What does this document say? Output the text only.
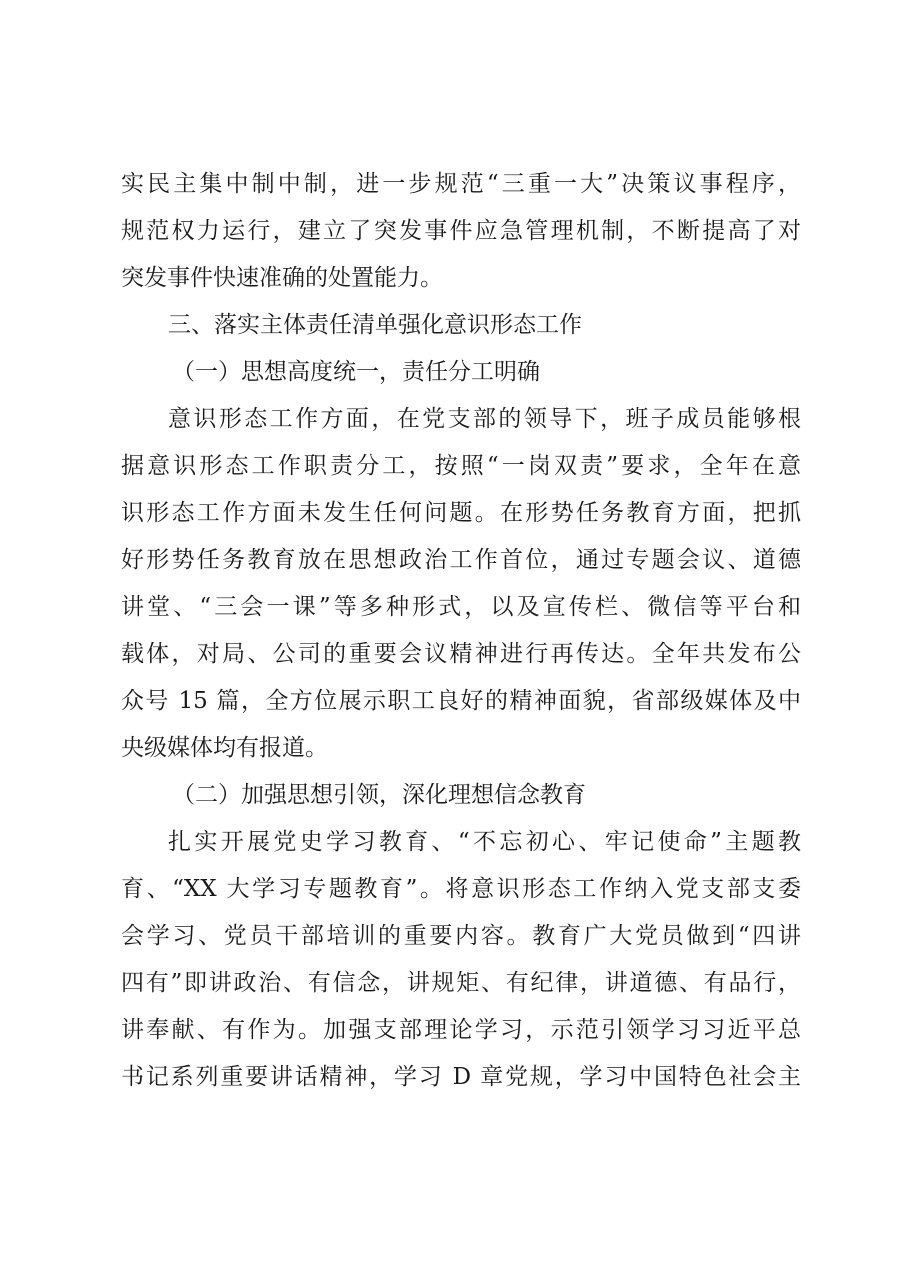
实民主集中制中制，进一步规范“三重一大”决策议事程序，
规范权力运行，建立了突发事件应急管理机制，不断提高了对
突发事件快速准确的处置能力。
三、落实主体责任清单强化意识形态工作
（一）思想高度统一，责任分工明确
意识形态工作方面，在党支部的领导下，班子成员能够根
据意识形态工作职责分工，按照“一岗双责”要求，全年在意
识形态工作方面未发生任何问题。在形势任务教育方面，把抓
好形势任务教育放在思想政治工作首位，通过专题会议、道德
讲堂、“三会一课”等多种形式，以及宣传栏、微信等平台和
载体，对局、公司的重要会议精神进行再传达。全年共发布公
众号 15 篇，全方位展示职工良好的精神面貌，省部级媒体及中
央级媒体均有报道。
（二）加强思想引领，深化理想信念教育
扎实开展党史学习教育、“不忘初心、牢记使命”主题教
育、“XX 大学习专题教育”。将意识形态工作纳入党支部支委
会学习、党员干部培训的重要内容。教育广大党员做到“四讲
四有”即讲政治、有信念，讲规矩、有纪律，讲道德、有品行，
讲奉献、有作为。加强支部理论学习，示范引领学习习近平总
书记系列重要讲话精神，学习 D 章党规，学习中国特色社会主
